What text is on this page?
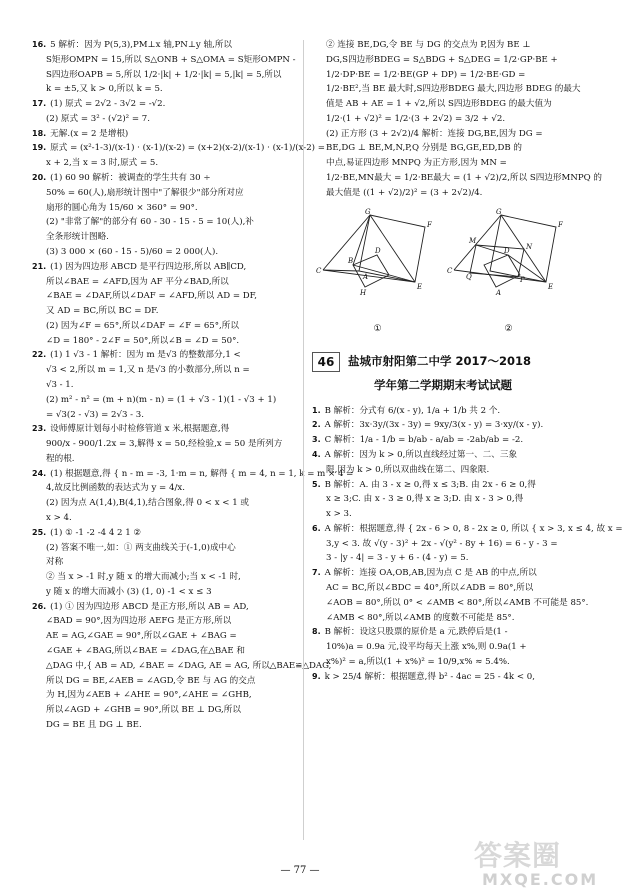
16. 5 解析：因为 P(5,3),PM⊥x 轴,PN⊥y 轴,所以
S矩形OMPN = 15,所以 S△ONB + S△OMA = S矩形OMPN -
S四边形OAPB = 5,所以 1/2·|k| + 1/2·|k| = 5,|k| = 5,所以
k = ±5,又 k > 0,所以 k = 5.
17. (1) 原式 = 2√2 - 3√2 = -√2.
(2) 原式 = 3² - (√2)² = 7.
18. 无解.(x = 2 是增根)
19. 原式 = (x²-1-3)/(x-1) · (x-1)/(x-2) = (x+2)(x-2)/(x-1) · (x-1)/(x-2) =
x + 2,当 x = 3 时,原式 = 5.
20. (1) 60 90 解析：被调查的学生共有 30 ÷
50% = 60(人),扇形统计图中"了解很少"部分所对应
扇形的圆心角为 15/60 × 360° = 90°.
(2) "非常了解"的部分有 60 - 30 - 15 - 5 = 10(人),补
全条形统计图略.
(3) 3 000 × (60 - 15 - 5)/60 = 2 000(人).
21. (1) 因为四边形 ABCD 是平行四边形,所以 AB∥CD,
所以∠BAE = ∠AFD,因为 AF 平分∠BAD,所以
∠BAE = ∠DAF,所以∠DAF = ∠AFD,所以 AD = DF,
又 AD = BC,所以 BC = DF.
(2) 因为∠F = 65°,所以∠DAF = ∠F = 65°,所以
∠D = 180° - 2∠F = 50°,所以∠B = ∠D = 50°.
22. (1) 1 √3 - 1 解析：因为 m 是√3 的整数部分,1 <
√3 < 2,所以 m = 1,又 n 是√3 的小数部分,所以 n =
√3 - 1.
(2) m² - n² = (m + n)(m - n) = (1 + √3 - 1)(1 - √3 + 1)
= √3(2 - √3) = 2√3 - 3.
23. 设师傅原计划每小时检修管道 x 米,根据题意,得
900/x - 900/1.2x = 3,解得 x = 50,经检验,x = 50 是所列方
程的根.
24. (1) 根据题意,得 { n - m = -3, 1·m = n, 解得 { m = 4, n = 1, k = m × 4 =
4,故反比例函数的表达式为 y = 4/x.
(2) 因为点 A(1,4),B(4,1),结合图象,得 0 < x < 1 或
x > 4.
25. (1) ① -1 -2 -4 4 2 1 ②
(2) 答案不唯一,如：① 两支曲线关于(-1,0)成中心
对称
② 当 x > -1 时,y 随 x 的增大而减小;当 x < -1 时,
y 随 x 的增大而减小 (3) (1, 0) -1 < x ≤ 3
26. (1) ① 因为四边形 ABCD 是正方形,所以 AB = AD,
∠BAD = 90°,因为四边形 AEFG 是正方形,所以
AE = AG,∠GAE = 90°,所以∠GAE + ∠BAG =
∠GAE + ∠BAG,所以∠BAE = ∠DAG,在△BAE 和
△DAG 中,{ AB = AD, ∠BAE = ∠DAG, AE = AG, 所以△BAE≌△DAG,
所以 DG = BE,∠AEB = ∠AGD,令 BE 与 AG 的交点
为 H,因为∠AEB + ∠AHE = 90°,∠AHE = ∠GHB,
所以∠AGD + ∠GHB = 90°,所以 BE ⊥ DG,所以
DG = BE 且 DG ⊥ BE.
② 连接 BE,DG,令 BE 与 DG 的交点为 P,因为 BE ⊥
DG,S四边形BDEG = S△BDG + S△DEG = 1/2·GP·BE +
1/2·DP·BE = 1/2·BE(GP + DP) = 1/2·BE·GD =
1/2·BE²,当 BE 最大时,S四边形BDEG 最大,四边形 BDEG 的最大
值是 AB + AE = 1 + √2,所以 S四边形BDEG 的最大值为
1/2·(1 + √2)² = 1/2·(3 + 2√2) = 3/2 + √2.
(2) 正方形 (3 + 2√2)/4 解析：连接 DG,BE,因为 DG =
BE,DG ⊥ BE,M,N,P,Q 分别是 BG,GE,ED,DB 的
中点,易证四边形 MNPQ 为正方形,因为 MN =
1/2·BE,MN最大 = 1/2·BE最大 = (1 + √2)/2,所以 S四边形MNPQ 的
最大值是 ((1 + √2)/2)² = (3 + 2√2)/4.
G
F
E
C
D
B
A
H
①
G
F
E
C
M
N
Q	P
D
A
②
46	盐城市射阳第二中学 2017～2018
学年第二学期期末考试试题
1. B 解析：分式有 6/(x - y), 1/a + 1/b 共 2 个.
2. A 解析：3x·3y/(3x - 3y) = 9xy/3(x - y) = 3·xy/(x - y).
3. C 解析：1/a - 1/b = b/ab - a/ab = -2ab/ab = -2.
4. A 解析：因为 k > 0,所以直线经过第一、二、三象
限,因为 k > 0,所以双曲线在第二、四象限.
5. B 解析：A. 由 3 - x ≥ 0,得 x ≤ 3;B. 由 2x - 6 ≥ 0,得
x ≥ 3;C. 由 x - 3 ≥ 0,得 x ≥ 3;D. 由 x - 3 > 0,得
x > 3.
6. A 解析：根据题意,得 { 2x - 6 > 0, 8 - 2x ≥ 0, 所以 { x > 3, x ≤ 4, 故 x =
3,y < 3. 故 √(y - 3)² + 2x - √(y² - 8y + 16) = 6 - y - 3 =
3 - |y - 4| = 3 - y + 6 - (4 - y) = 5.
7. A 解析：连接 OA,OB,AB,因为点 C 是 AB 的中点,所以
AC = BC,所以∠BDC = 40°,所以∠ADB = 80°,所以
∠AOB = 80°,所以 0° < ∠AMB < 80°,所以∠AMB 不可能是 85°.
∠AMB < 80°,所以∠AMB 的度数不可能是 85°.
8. B 解析：设这只股票的原价是 a 元,跌停后是(1 -
10%)a = 0.9a 元,设平均每天上涨 x%,则 0.9a(1 +
x%)² = a,所以(1 + x%)² = 10/9,x% ≈ 5.4%.
9. k > 25/4 解析：根据题意,得 b² - 4ac = 25 - 4k < 0,
— 77 —	答案圈
MXQE.COM
